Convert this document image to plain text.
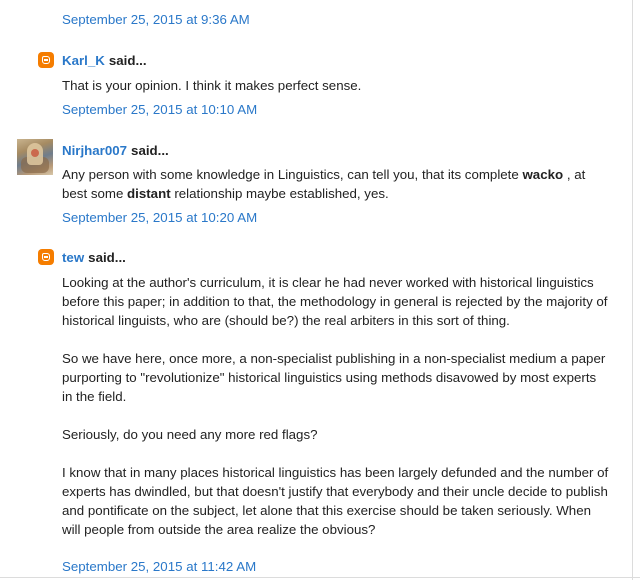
September 25, 2015 at 9:36 AM
Karl_K said...

That is your opinion. I think it makes perfect sense.

September 25, 2015 at 10:10 AM
Nirjhar007 said...

Any person with some knowledge in Linguistics, can tell you, that its complete wacko , at best some distant relationship maybe established, yes.

September 25, 2015 at 10:20 AM
tew said...

Looking at the author's curriculum, it is clear he had never worked with historical linguistics before this paper; in addition to that, the methodology in general is rejected by the majority of historical linguists, who are (should be?) the real arbiters in this sort of thing.

So we have here, once more, a non-specialist publishing in a non-specialist medium a paper purporting to "revolutionize" historical linguistics using methods disavowed by most experts in the field.

Seriously, do you need any more red flags?

I know that in many places historical linguistics has been largely defunded and the number of experts has dwindled, but that doesn't justify that everybody and their uncle decide to publish and pontificate on the subject, let alone that this exercise should be taken seriously. When will people from outside the area realize the obvious?

September 25, 2015 at 11:42 AM
